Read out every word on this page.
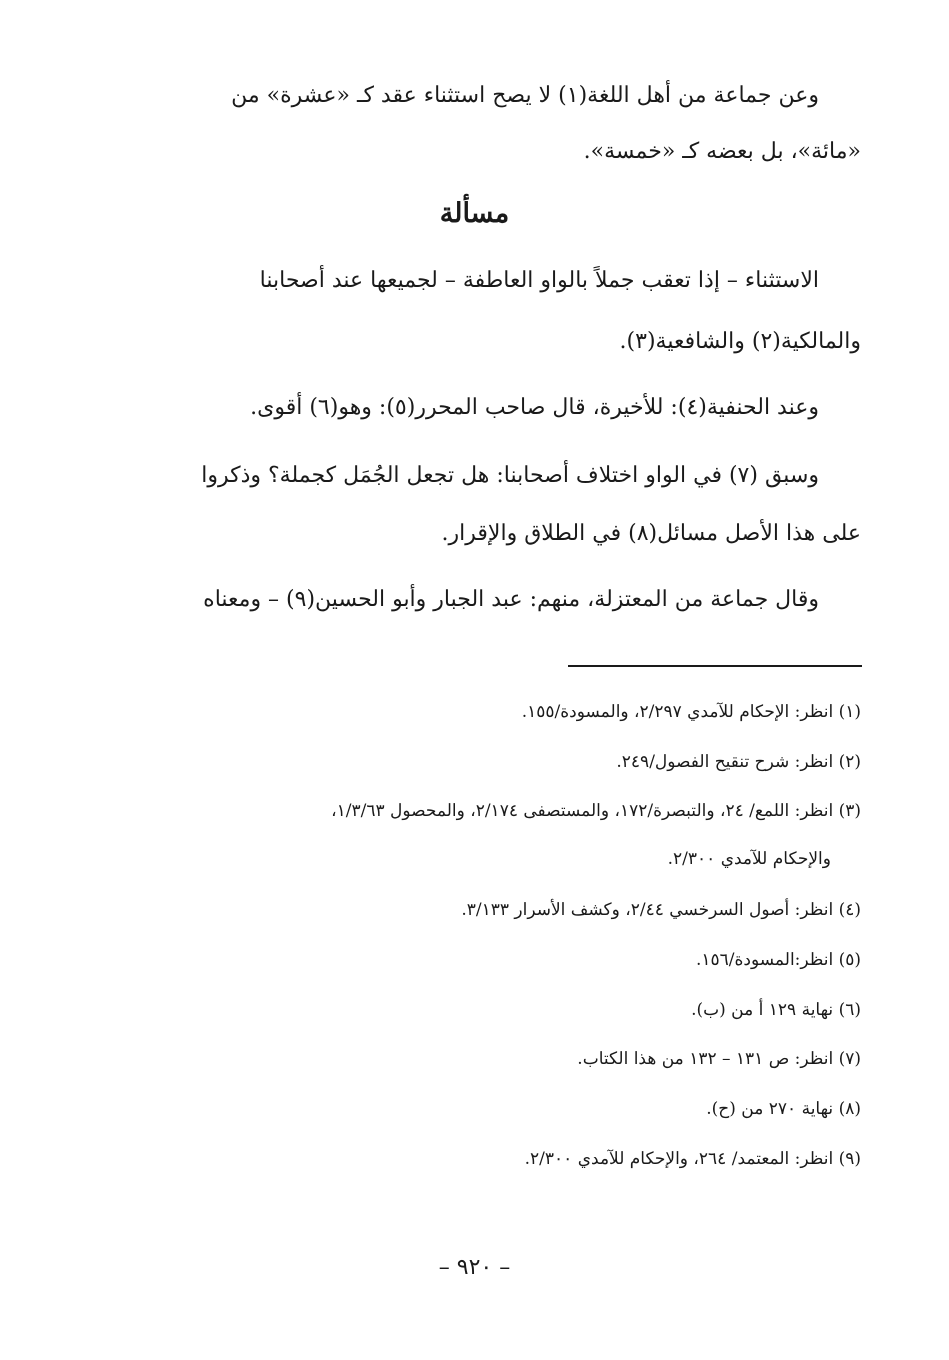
وعن جماعة من أهل اللغة(١) لا يصح استثناء عقد كـ «عشرة» من
«مائة»، بل بعضه كـ «خمسة».
مسألة
الاستثناء – إذا تعقب جملاً بالواو العاطفة – لجميعها عند أصحابنا
والمالكية(٢) والشافعية(٣).
وعند الحنفية(٤): للأخيرة، قال صاحب المحرر(٥): وهو(٦) أقوى.
وسبق (٧) في الواو اختلاف أصحابنا: هل تجعل الجُمَل كجملة؟ وذكروا
على هذا الأصل مسائل(٨) في الطلاق والإقرار.
وقال جماعة من المعتزلة، منهم: عبد الجبار وأبو الحسين(٩) – ومعناه
(١) انظر: الإحكام للآمدي ٢/٢٩٧، والمسودة/١٥٥.
(٢) انظر: شرح تنقيح الفصول/٢٤٩.
(٣) انظر: اللمع/ ٢٤، والتبصرة/١٧٢، والمستصفى ٢/١٧٤، والمحصول ١/٣/٦٣،
والإحكام للآمدي ٢/٣٠٠.
(٤) انظر: أصول السرخسي ٢/٤٤، وكشف الأسرار ٣/١٣٣.
(٥) انظر:المسودة/١٥٦.
(٦) نهاية ١٢٩ أ من (ب).
(٧) انظر: ص ١٣١ – ١٣٢ من هذا الكتاب.
(٨) نهاية ٢٧٠ من (ح).
(٩) انظر: المعتمد/ ٢٦٤، والإحكام للآمدي ٢/٣٠٠.
– ٩٢٠ –
